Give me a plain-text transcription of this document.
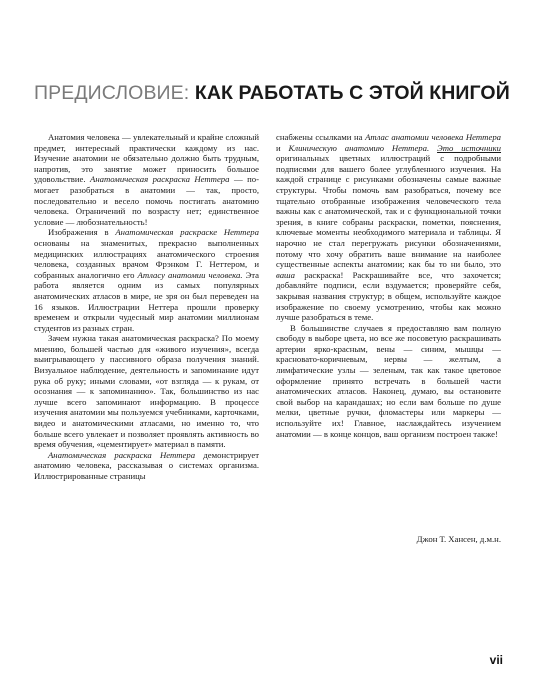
ПРЕДИСЛОВИЕ: КАК РАБОТАТЬ С ЭТОЙ КНИГОЙ

Анатомия человека — увлекательный и крайне сложный предмет, интересный практически каждому из нас. Изучение анатомии не обязательно должно быть трудным, напротив, это занятие может приносить большое удовольствие. Анатомическая раскраска Неттера — помогает разобраться в анатомии — так, просто, последовательно и весело помочь постигать анатомию человека. Ограничений по возрасту нет; единственное условие — любознательность!

Изображения в Анатомическая раскраске Неттера основаны на знаменитых, прекрасно выполненных медицинских иллюстрациях анатомического строения человека, созданных врачом Фрэнком Г. Неттером, и собранных аналогично его Атласу анатомии человека. Эта работа является одним из самых популярных анатомических атласов в мире, не зря он был переведен на 16 языков. Иллюстрации Неттера прошли проверку временем и открыли чудесный мир анатомии миллионам студентов из разных стран.

Зачем нужна такая анатомическая раскраска? По моему мнению, большей частью для «живого изучения», всегда выигрывающего у пассивного образа получения знаний. Визуальное наблюдение, деятельность и запоминание идут рука об руку; иными словами, «от взгляда — к рукам, от осознания — к запоминанию». Так, большинство из нас лучше всего запоминают информацию. В процессе изучения анатомии мы пользуемся учебниками, карточками, видео и анатомическими атласами, но именно то, что больше всего увлекает и позволяет проявлять активность во время обучения, «цементирует» материал в памяти.

Анатомическая раскраска Неттера демонстрирует анатомию человека, рассказывая о системах организма. Иллюстрированные страницы

снабжены ссылками на Атлас анатомии человека Неттера и Клиническую анатомию Неттера. Это источники оригинальных цветных иллюстраций с подробными подписями для вашего более углубленного изучения. На каждой странице с рисунками обозначены самые важные структуры. Чтобы помочь вам разобраться, почему все тщательно отобранные изображения человеческого тела важны как с анатомической, так и с функциональной точки зрения, в книге собраны раскраски, пометки, пояснения, ключевые моменты необходимого материала и таблицы. Я нарочно не стал перегружать рисунки обозначениями, потому что хочу обратить ваше внимание на наиболее существенные аспекты анатомии; как бы то ни было, это ваша раскраска! Раскрашивайте все, что захочется; добавляйте подписи, если вздумается; проверяйте себя, закрывая названия структур; в общем, используйте каждое изображение по своему усмотрению, чтобы как можно лучше разобраться в теме.

В большинстве случаев я предоставляю вам полную свободу в выборе цвета, но все же посоветую раскрашивать артерии ярко-красным, вены — синим, мышцы — красновато-коричневым, нервы — желтым, а лимфатические узлы — зеленым, так как такое цветовое оформление принято встречать в большей части анатомических атласов. Наконец, думаю, вы остановите свой выбор на карандашах; но если вам больше по душе мелки, цветные ручки, фломастеры или маркеры — используйте их! Главное, наслаждайтесь изучением анатомии — в конце концов, ваш организм построен также!

Джон Т. Хансен, д.м.н.
vii
